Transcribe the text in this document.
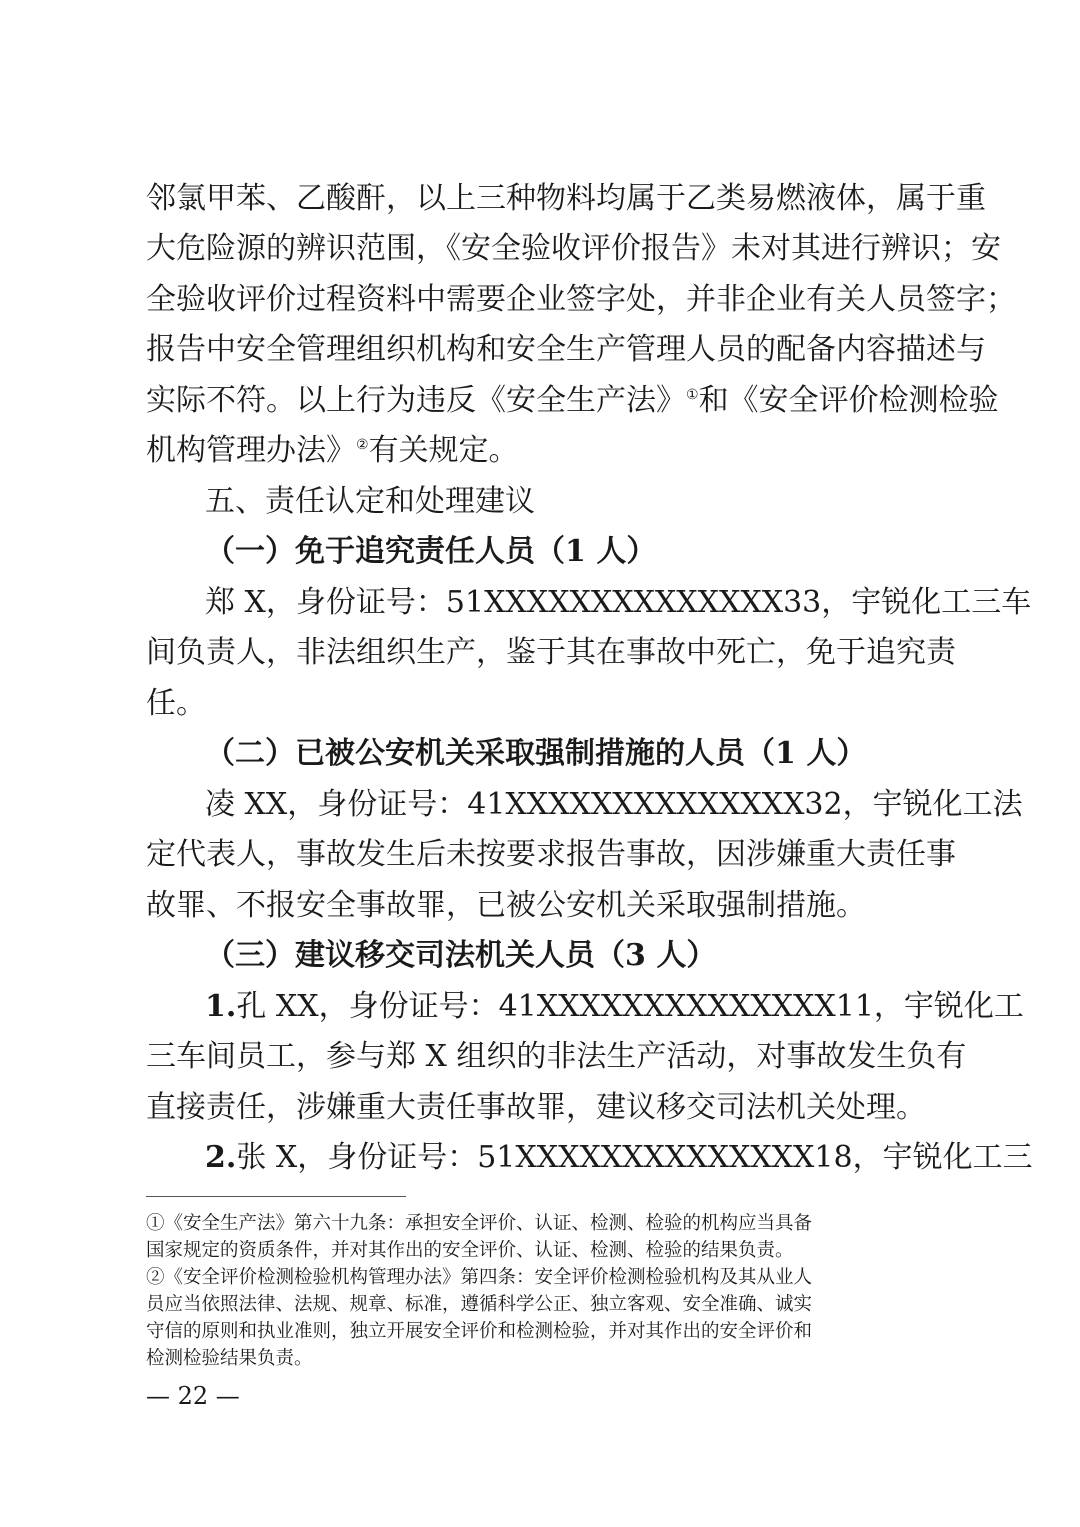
邻氯甲苯、乙酸酐，以上三种物料均属于乙类易燃液体，属于重
大危险源的辨识范围，《安全验收评价报告》未对其进行辨识；安
全验收评价过程资料中需要企业签字处，并非企业有关人员签字；
报告中安全管理组织机构和安全生产管理人员的配备内容描述与
实际不符。以上行为违反《安全生产法》①和《安全评价检测检验
机构管理办法》②有关规定。
五、责任认定和处理建议
（一）免于追究责任人员（1 人）
郑 X，身份证号：51XXXXXXXXXXXXXX33，宇锐化工三车
间负责人，非法组织生产，鉴于其在事故中死亡，免于追究责
任。
（二）已被公安机关采取强制措施的人员（1 人）
凌 XX，身份证号：41XXXXXXXXXXXXXX32，宇锐化工法
定代表人，事故发生后未按要求报告事故，因涉嫌重大责任事
故罪、不报安全事故罪，已被公安机关采取强制措施。
（三）建议移交司法机关人员（3 人）
1.孔 XX，身份证号：41XXXXXXXXXXXXXX11，宇锐化工
三车间员工，参与郑 X 组织的非法生产活动，对事故发生负有
直接责任，涉嫌重大责任事故罪，建议移交司法机关处理。
2.张 X，身份证号：51XXXXXXXXXXXXXX18，宇锐化工三
①《安全生产法》第六十九条：承担安全评价、认证、检测、检验的机构应当具备
国家规定的资质条件，并对其作出的安全评价、认证、检测、检验的结果负责。
②《安全评价检测检验机构管理办法》第四条：安全评价检测检验机构及其从业人
员应当依照法律、法规、规章、标准，遵循科学公正、独立客观、安全准确、诚实
守信的原则和执业准则，独立开展安全评价和检测检验，并对其作出的安全评价和
检测检验结果负责。
— 22 —
